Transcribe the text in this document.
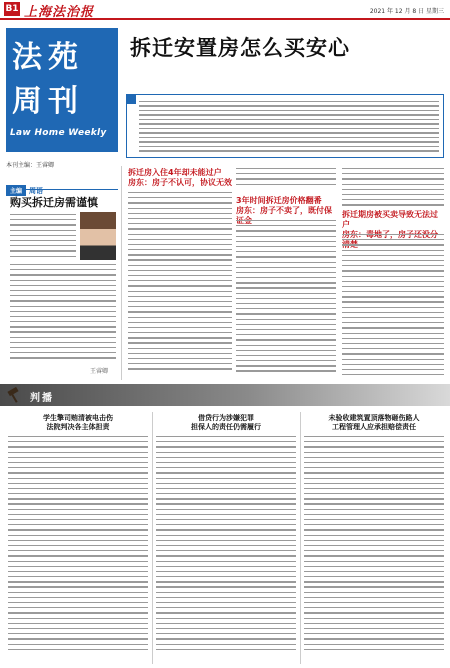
B1 上海法治报	2021 年 12 月 8 日 星期三
法苑
周刊
Law Home Weekly
本刊主编：王睿卿
拆迁安置房怎么买安心
主编 周语
购买拆迁房需谨慎
王睿卿
拆迁房入住4年却未能过户
房东：房子不认可，协议无效
3年时间拆迁房价格翻番
房东：房子不卖了，既付保	拆迁期房被买卖导致无法过户

判播
学生擎司贿清被电击伤
法院判决各主体担责
借贷行为涉嫌犯罪
担保人的责任仍需履行
未验收建筑置顶落物砸伤路人
工程管理人应承担赔偿责任
